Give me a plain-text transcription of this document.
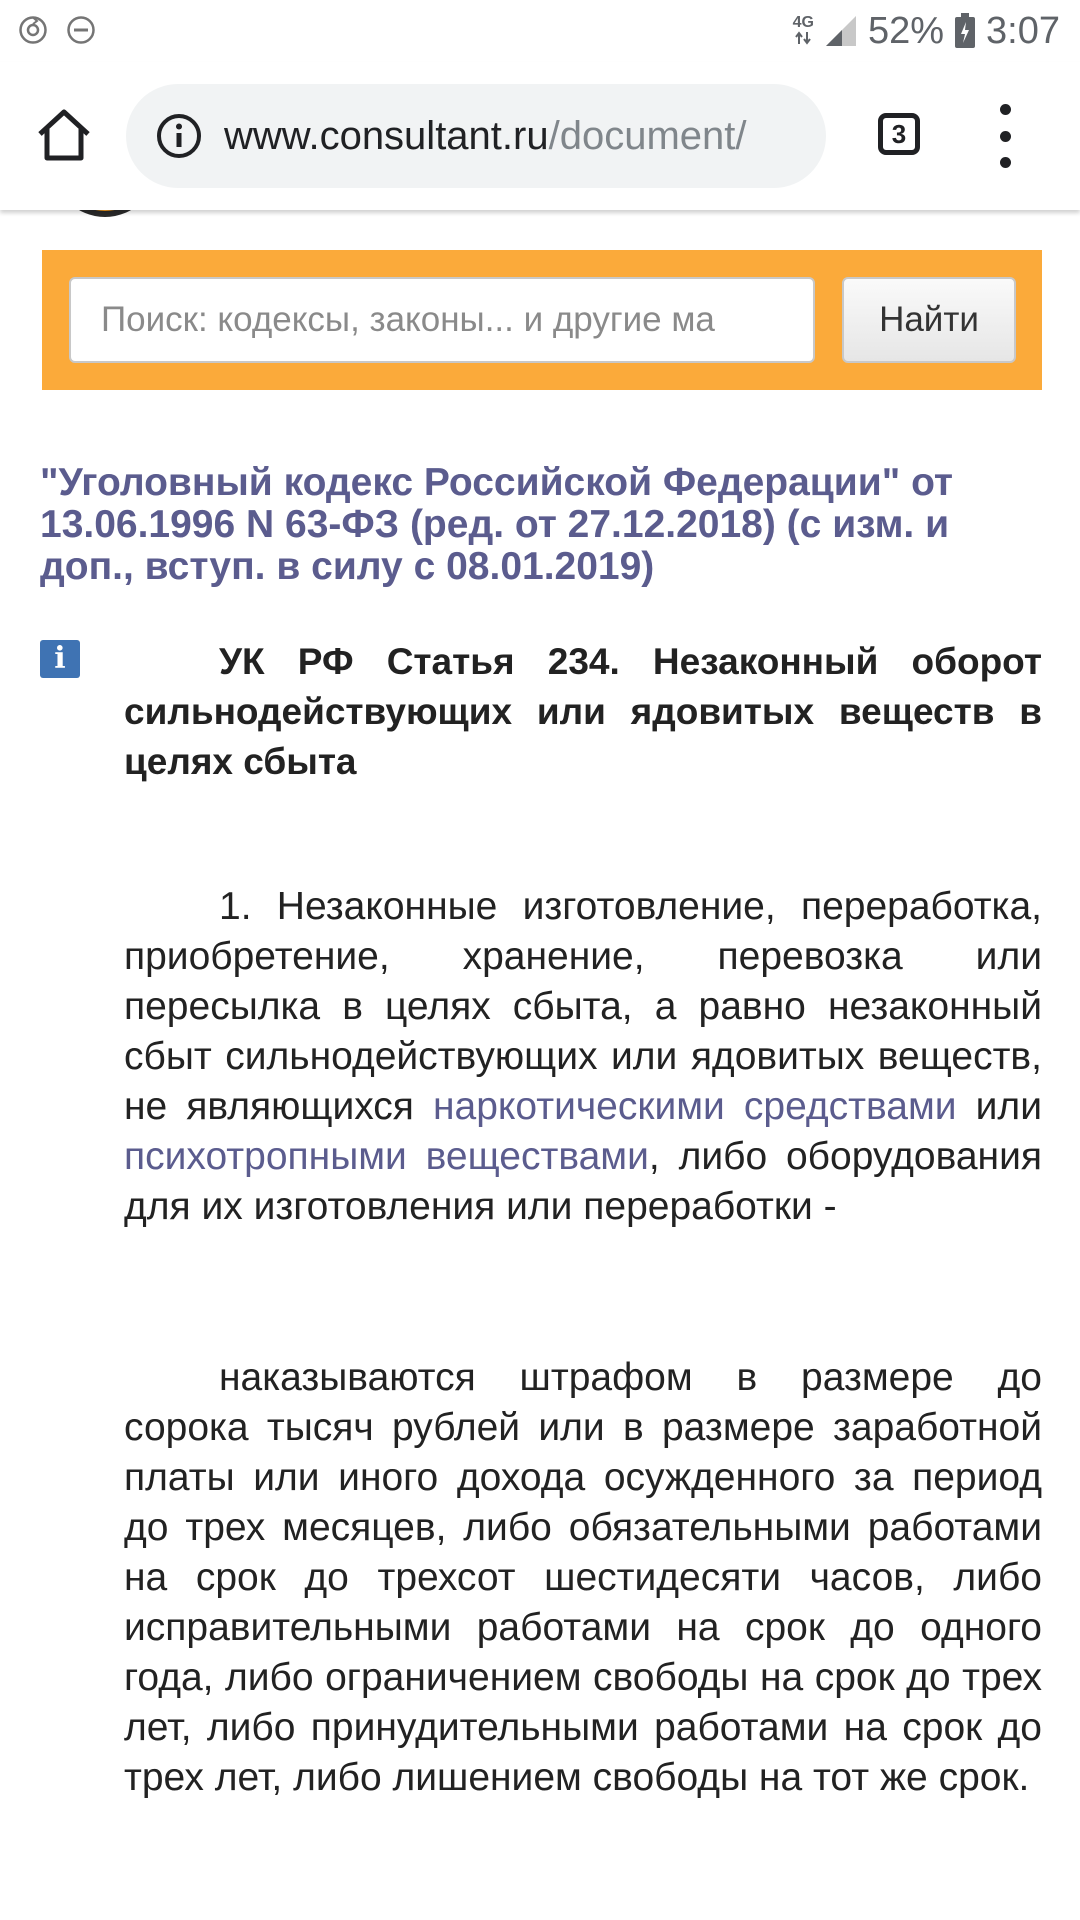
4G 52% 3:07
www.consultant.ru/document/	3
Поиск: кодексы, законы... и другие ма
Найти
"Уголовный кодекс Российской Федерации" от 13.06.1996 N 63-ФЗ (ред. от 27.12.2018) (с изм. и доп., вступ. в силу с 08.01.2019)
i	УК РФ Статья 234. Незаконный оборот сильнодействующих или ядовитых веществ в целях сбыта

1. Незаконные изготовление, переработка, приобретение, хранение, перевозка или пересылка в целях сбыта, а равно незаконный сбыт сильнодействующих или ядовитых веществ, не являющихся наркотическими средствами или психотропными веществами, либо оборудования для их изготовления или переработки -

наказываются штрафом в размере до сорока тысяч рублей или в размере заработной платы или иного дохода осужденного за период до трех месяцев, либо обязательными работами на срок до трехсот шестидесяти часов, либо исправительными работами на срок до одного года, либо ограничением свободы на срок до трех лет, либо принудительными работами на срок до трех лет, либо лишением свободы на тот же срок.
